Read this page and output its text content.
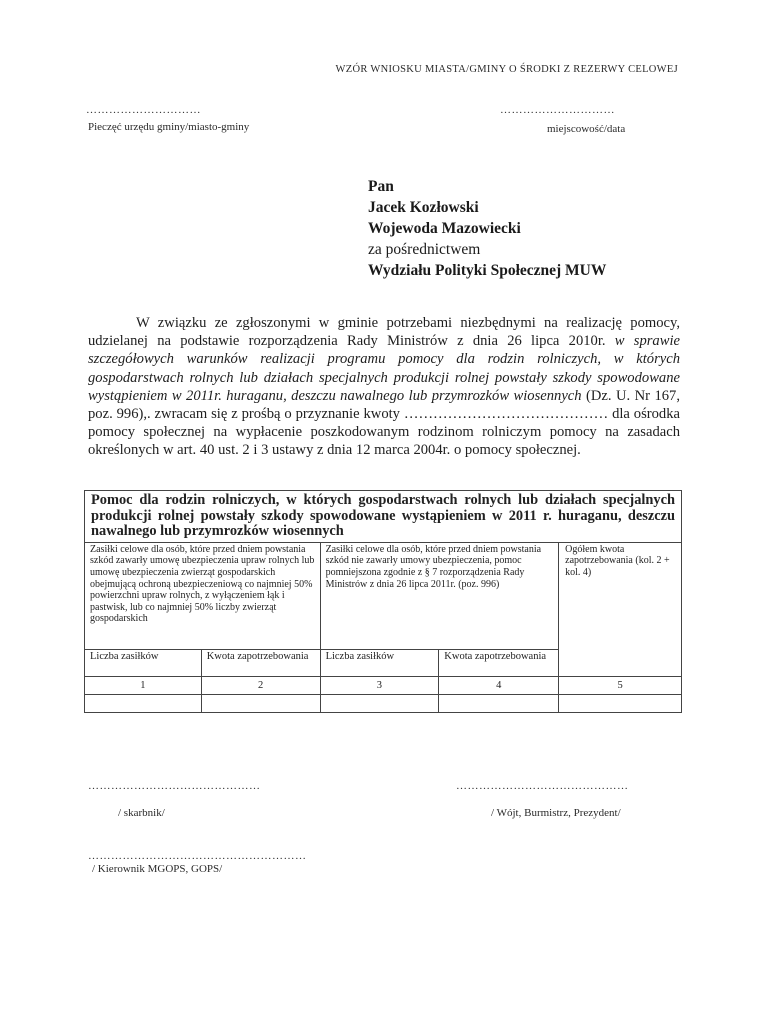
WZÓR WNIOSKU MIASTA/GMINY O ŚRODKI Z REZERWY CELOWEJ
…………………………
Pieczęć urzędu gminy/miasto-gminy
…………………………
miejscowość/data
Pan
Jacek Kozłowski
Wojewoda Mazowiecki
za pośrednictwem
Wydziału Polityki Społecznej MUW
W związku ze zgłoszonymi w gminie potrzebami niezbędnymi na realizację pomocy, udzielanej na podstawie rozporządzenia Rady Ministrów z dnia 26 lipca 2010r. w sprawie szczegółowych warunków realizacji programu pomocy dla rodzin rolniczych, w których gospodarstwach rolnych lub działach specjalnych produkcji rolnej powstały szkody spowodowane wystąpieniem w 2011r. huraganu, deszczu nawalnego lub przymrozków wiosennych (Dz. U. Nr 167, poz. 996),. zwracam się z prośbą o przyznanie kwoty …………………………………… dla ośrodka pomocy społecznej na wypłacenie poszkodowanym rodzinom rolniczym pomocy na zasadach określonych w art. 40 ust. 2 i 3 ustawy z dnia 12 marca 2004r. o pomocy społecznej.
Pomoc dla rodzin rolniczych, w których gospodarstwach rolnych lub działach specjalnych produkcji rolnej powstały szkody spowodowane wystąpieniem w 2011 r. huraganu, deszczu nawalnego lub przymrozków wiosennych				
Zasiłki celowe dla osób, które przed dniem powstania szkód zawarły umowę ubezpieczenia upraw rolnych lub umowę ubezpieczenia zwierząt gospodarskich obejmującą ochroną ubezpieczeniową co najmniej 50% powierzchni upraw rolnych, z wyłączeniem łąk i pastwisk, lub co najmniej 50% liczby zwierząt gospodarskich		Zasiłki celowe dla osób, które przed dniem powstania szkód nie zawarły umowy ubezpieczenia, pomoc pomniejszona zgodnie z § 7 rozporządzenia Rady Ministrów z dnia 26 lipca 2011r. (poz. 996)		Ogółem kwota zapotrzebowania (kol. 2 + kol. 4)
Liczba zasiłków	Kwota zapotrzebowania	Liczba zasiłków	Kwota zapotrzebowania	
1	2	3	4	5

………………………………………
/ skarbnik/
………………………………………
/ Wójt, Burmistrz, Prezydent/
…………………………………………………
/ Kierownik MGOPS, GOPS/
